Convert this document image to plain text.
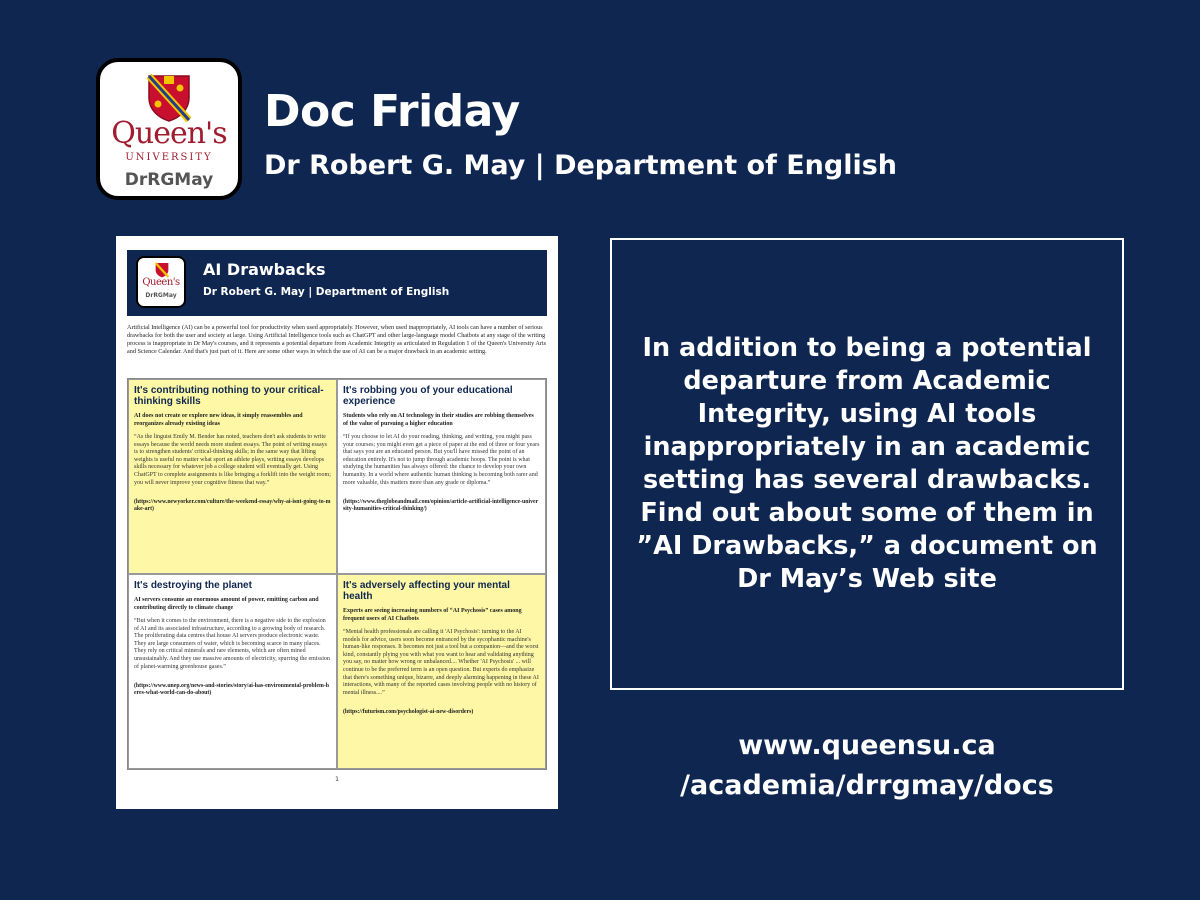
Queen's
UNIVERSITY
DrRGMay
Doc Friday
Dr Robert G. May | Department of English
Queen's
DrRGMay
AI Drawbacks
Dr Robert G. May | Department of English
Artificial Intelligence (AI) can be a powerful tool for productivity when used appropriately. However, when used inappropriately, AI tools can have a number of serious drawbacks for both the user and society at large. Using Artificial Intelligence tools such as ChatGPT and other large-language model Chatbots at any stage of the writing process is inappropriate in Dr May's courses, and it represents a potential departure from Academic Integrity as articulated in Regulation 1 of the Queen's University Arts and Science Calendar. And that's just part of it. Here are some other ways in which the use of AI can be a major drawback in an academic setting.
It's contributing nothing to your critical-thinking skills
AI does not create or explore new ideas, it simply reassembles and reorganizes already existing ideas
“As the linguist Emily M. Bender has noted, teachers don't ask students to write essays because the world needs more student essays. The point of writing essays is to strengthen students' critical-thinking skills; in the same way that lifting weights is useful no matter what sport an athlete plays, writing essays develops skills necessary for whatever job a college student will eventually get. Using ChatGPT to complete assignments is like bringing a forklift into the weight room; you will never improve your cognitive fitness that way.”
(https://www.newyorker.com/culture/the-weekend-essay/why-ai-isnt-going-to-make-art)
It's robbing you of your educational experience
Students who rely on AI technology in their studies are robbing themselves of the value of pursuing a higher education
“If you choose to let AI do your reading, thinking, and writing, you might pass your courses; you might even get a piece of paper at the end of three or four years that says you are an educated person. But you'll have missed the point of an education entirely. It's not to jump through academic hoops. The point is what studying the humanities has always offered: the chance to develop your own humanity. In a world where authentic human thinking is becoming both rarer and more valuable, this matters more than any grade or diploma.”
(https://www.theglobeandmail.com/opinion/article-artificial-intelligence-university-humanities-critical-thinking/)
It's destroying the planet
AI servers consume an enormous amount of power, emitting carbon and contributing directly to climate change
“But when it comes to the environment, there is a negative side to the explosion of AI and its associated infrastructure, according to a growing body of research. The proliferating data centres that house AI servers produce electronic waste. They are large consumers of water, which is becoming scarce in many places. They rely on critical minerals and rare elements, which are often mined unsustainably. And they use massive amounts of electricity, spurring the emission of planet-warming greenhouse gases.”
(https://www.unep.org/news-and-stories/story/ai-has-environmental-problem-heres-what-world-can-do-about)
It's adversely affecting your mental health
Experts are seeing increasing numbers of “AI Psychosis” cases among frequent users of AI Chatbots
“Mental health professionals are calling it 'AI Psychosis': turning to the AI models for advice, users soon become entranced by the sycophantic machine's human-like responses. It becomes not just a tool but a companion—and the worst kind, constantly plying you with what you want to hear and validating anything you say, no matter how wrong or unbalanced.... Whether 'AI Psychosis' ... will continue to be the preferred term is an open question. But experts do emphasize that there's something unique, bizarre, and deeply alarming happening in these AI interactions, with many of the reported cases involving people with no history of mental illness....”
(https://futurism.com/psychologist-ai-new-disorders)
1
In addition to being a potential departure from Academic Integrity, using AI tools inappropriately in an academic setting has several drawbacks. Find out about some of them in ”AI Drawbacks,” a document on Dr May’s Web site
www.queensu.ca
/academia/drrgmay/docs
